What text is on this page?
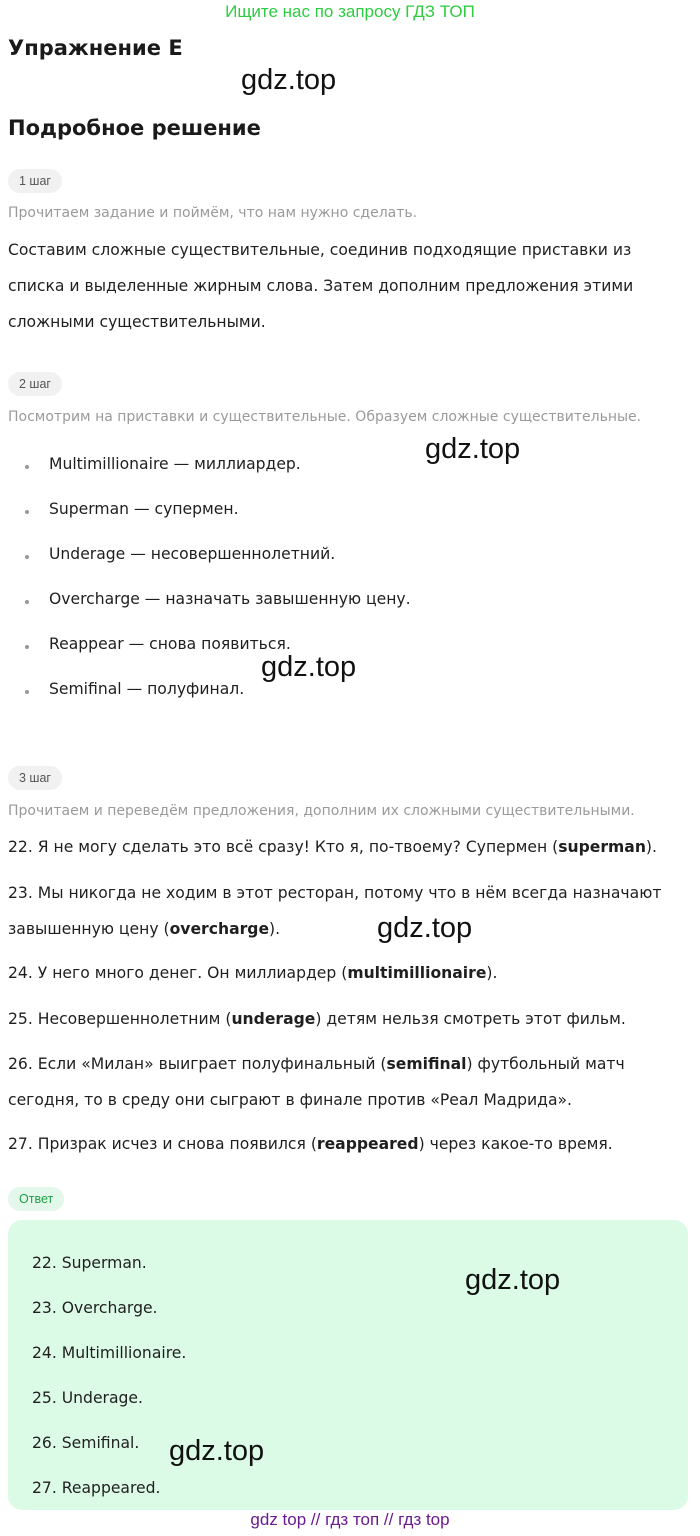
Ищите нас по запросу ГДЗ ТОП
Упражнение E
gdz.top
Подробное решение
1 шаг
Прочитаем задание и поймём, что нам нужно сделать.
Составим сложные существительные, соединив подходящие приставки из списка и выделенные жирным слова. Затем дополним предложения этими сложными существительными.
2 шаг
Посмотрим на приставки и существительные. Образуем сложные существительные.
gdz.top
Multimillionaire — миллиардер.
Superman — супермен.
Underage — несовершеннолетний.
Overcharge — назначать завышенную цену.
Reappear — снова появиться.
gdz.top
Semifinal — полуфинал.
3 шаг
Прочитаем и переведём предложения, дополним их сложными существительными.
22. Я не могу сделать это всё сразу! Кто я, по-твоему? Супермен (superman).
23. Мы никогда не ходим в этот ресторан, потому что в нём всегда назначают завышенную цену (overcharge).	gdz.top
24. У него много денег. Он миллиардер (multimillionaire).
25. Несовершеннолетним (underage) детям нельзя смотреть этот фильм.
26. Если «Милан» выиграет полуфинальный (semifinal) футбольный матч сегодня, то в среду они сыграют в финале против «Реал Мадрида».
27. Призрак исчез и снова появился (reappeared) через какое-то время.
Ответ
22. Superman.
gdz.top
23. Overcharge.
24. Multimillionaire.
25. Underage.
26. Semifinal. gdz.top
27. Reappeared.
gdz top // гдз топ // гдз top
